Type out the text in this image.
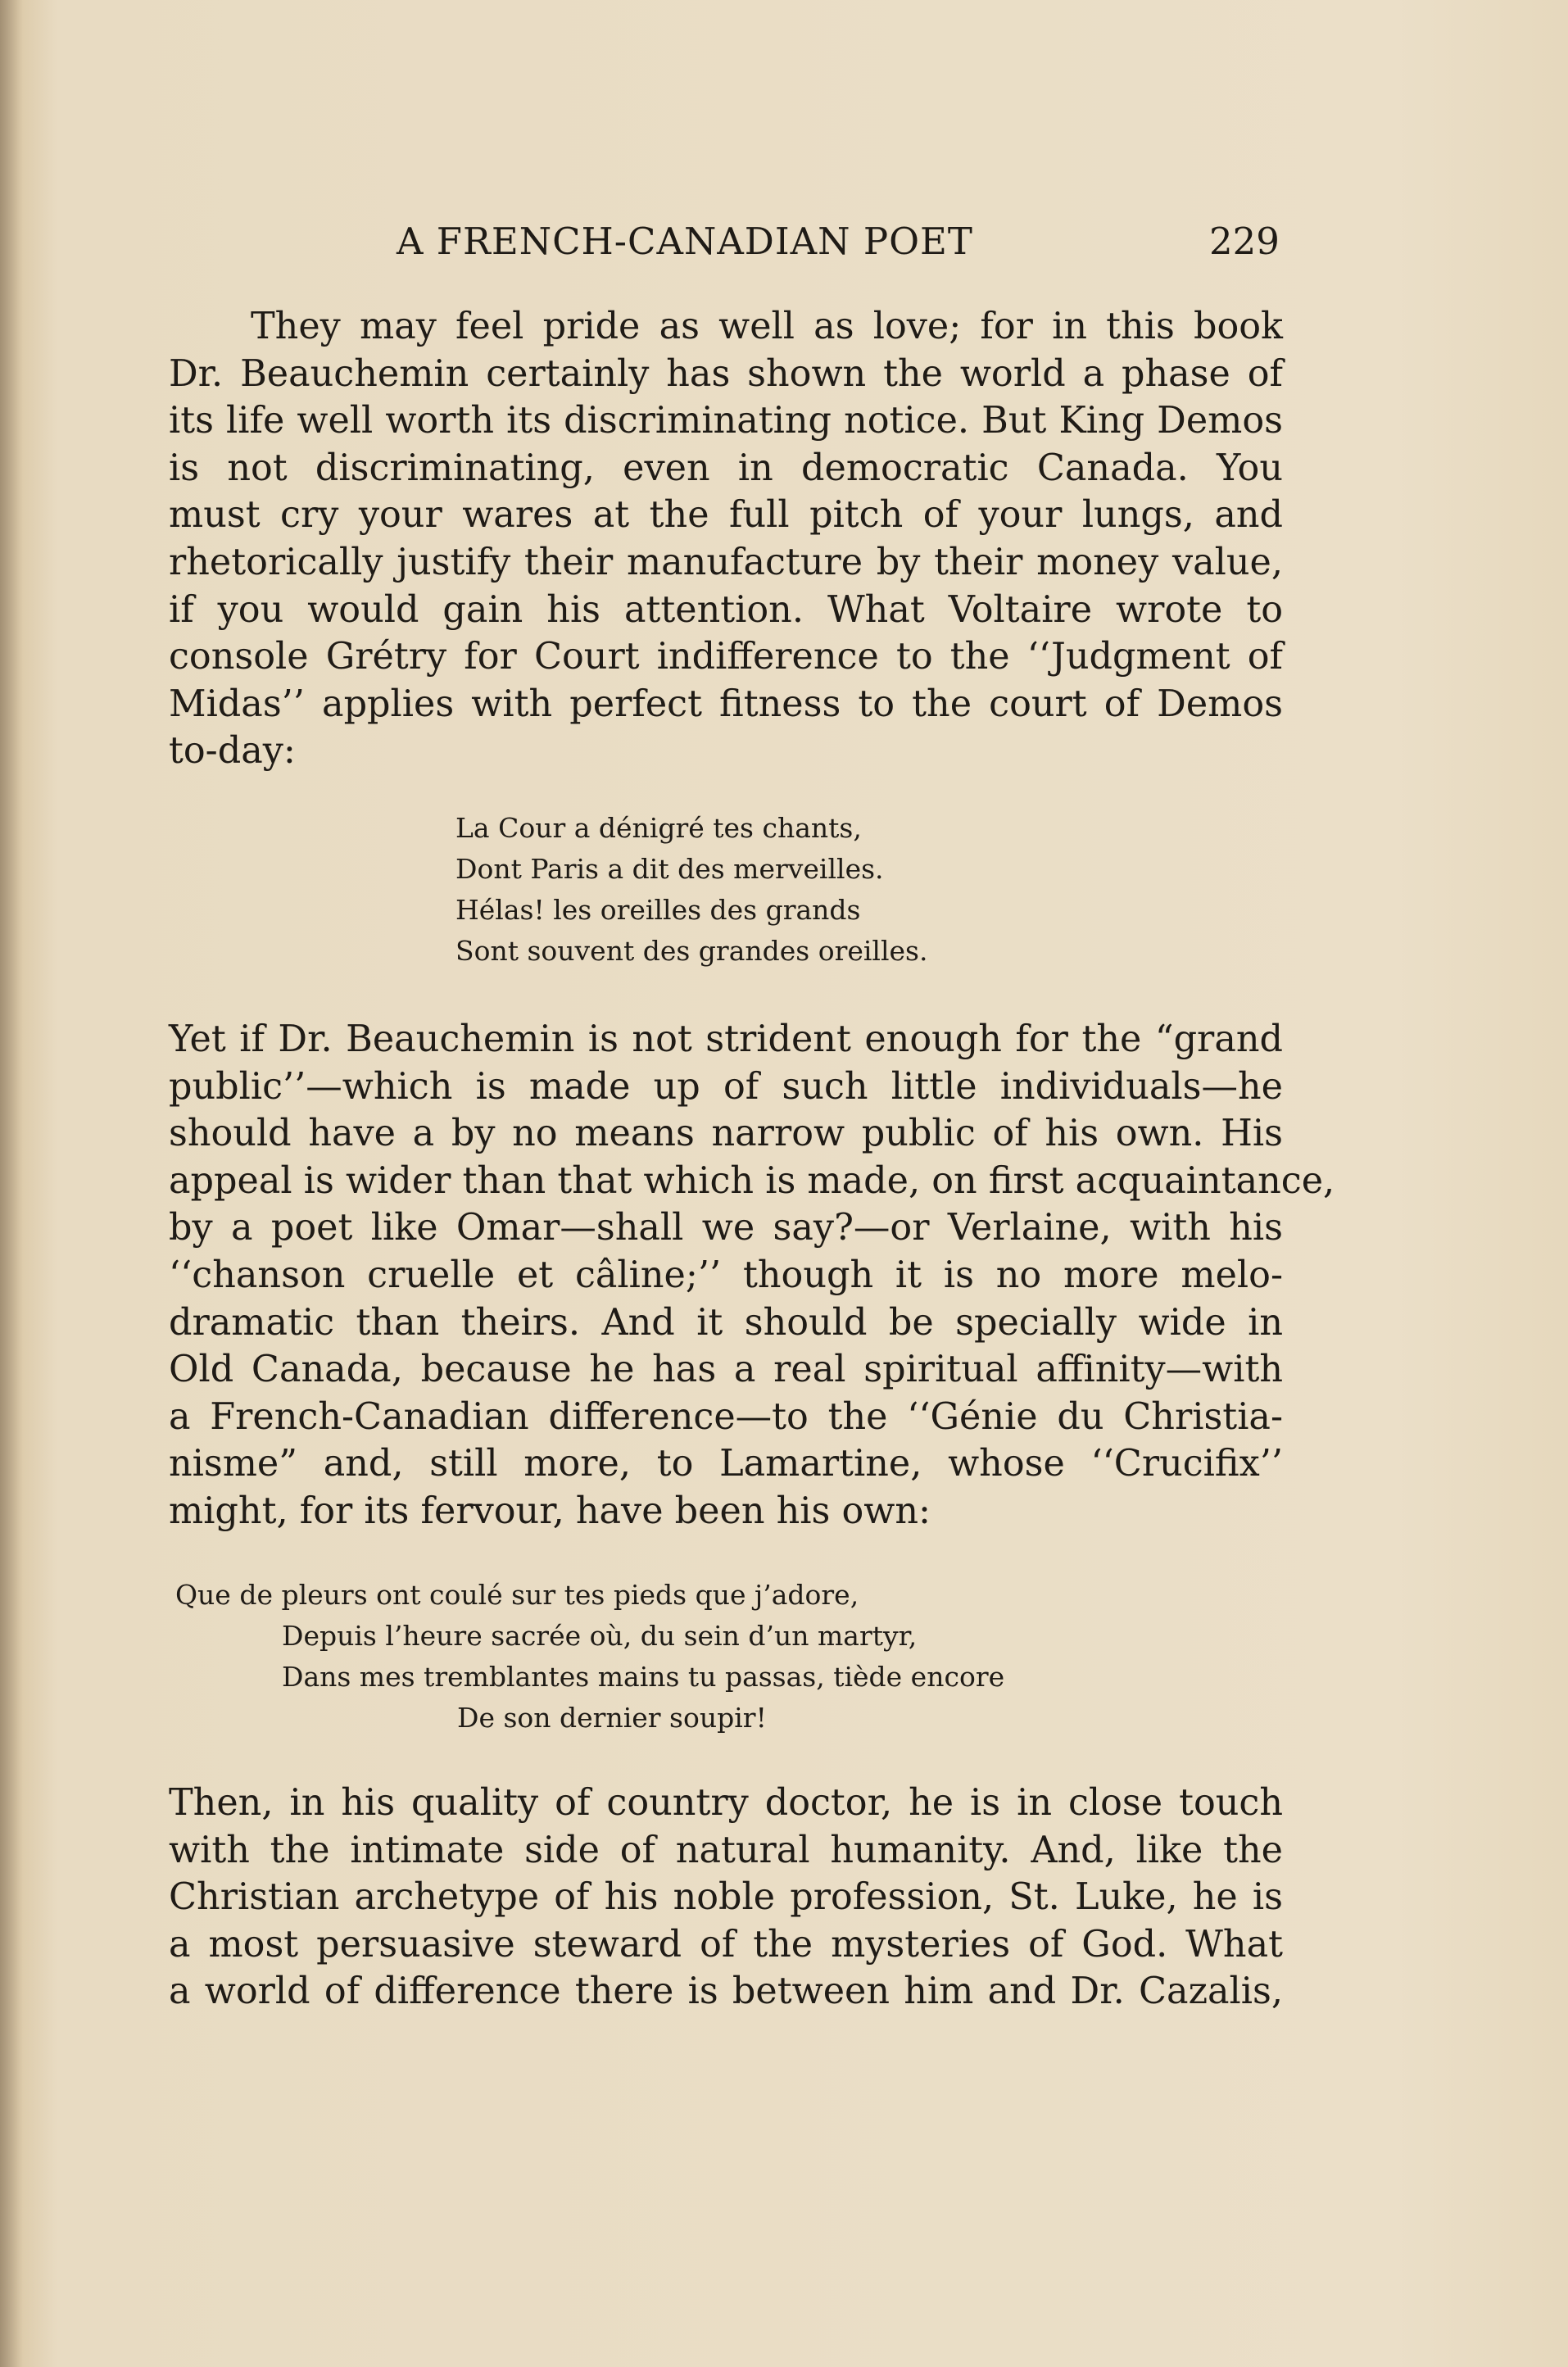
A FRENCH-CANADIAN POET	229
They may feel pride as well as love; for in this book
Dr. Beauchemin certainly has shown the world a phase of
its life well worth its discriminating notice. But King Demos
is not discriminating, even in democratic Canada. You
must cry your wares at the full pitch of your lungs, and
rhetorically justify their manufacture by their money value,
if you would gain his attention. What Voltaire wrote to
console Grétry for Court indifference to the ‘‘Judgment of
Midas’’ applies with perfect fitness to the court of Demos
to-day:
La Cour a dénigré tes chants,
Dont Paris a dit des merveilles.
Hélas! les oreilles des grands
Sont souvent des grandes oreilles.
Yet if Dr. Beauchemin is not strident enough for the “grand
public’’—which is made up of such little individuals—he
should have a by no means narrow public of his own. His
appeal is wider than that which is made, on first acquaintance,
by a poet like Omar—shall we say?—or Verlaine, with his
‘‘chanson cruelle et câline;’’ though it is no more melo-
dramatic than theirs. And it should be specially wide in
Old Canada, because he has a real spiritual affinity—with
a French-Canadian difference—to the ‘‘Génie du Christia-
nisme” and, still more, to Lamartine, whose ‘‘Crucifix’’
might, for its fervour, have been his own:
Que de pleurs ont coulé sur tes pieds que j’adore,
Depuis l’heure sacrée où, du sein d’un martyr,
Dans mes tremblantes mains tu passas, tiède encore
De son dernier soupir!
Then, in his quality of country doctor, he is in close touch
with the intimate side of natural humanity. And, like the
Christian archetype of his noble profession, St. Luke, he is
a most persuasive steward of the mysteries of God. What
a world of difference there is between him and Dr. Cazalis,
